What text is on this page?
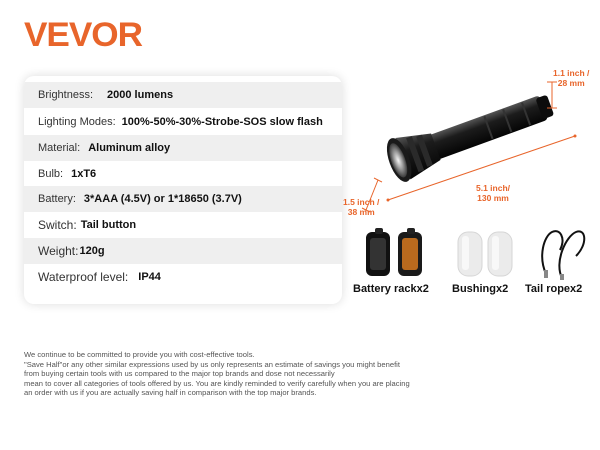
VEVOR
Brightness: 2000 lumens
Lighting Modes: 100%-50%-30%-Strobe-SOS slow flash
Material: Aluminum alloy
Bulb: 1xT6
Battery: 3*AAA (4.5V) or 1*18650 (3.7V)
Switch: Tail button
Weight: 120g
Waterproof level: IP44
1.1 inch /
28 mm
5.1 inch/
130 mm
1.5 inch /
38 mm
Battery rackx2 Bushingx2 Tail ropex2

We continue to be committed to provide you with cost-effective tools.

"Save Half"or any other similar expressions used by us only represents an estimate of savings you might benefit

from buying certain tools with us compared to the major top brands and dose not necessarily

mean to cover all categories of tools offered by us. You are kindly reminded to verify carefully when you are placing

an order with us if you are actually saving half in comparison with the top major brands.
